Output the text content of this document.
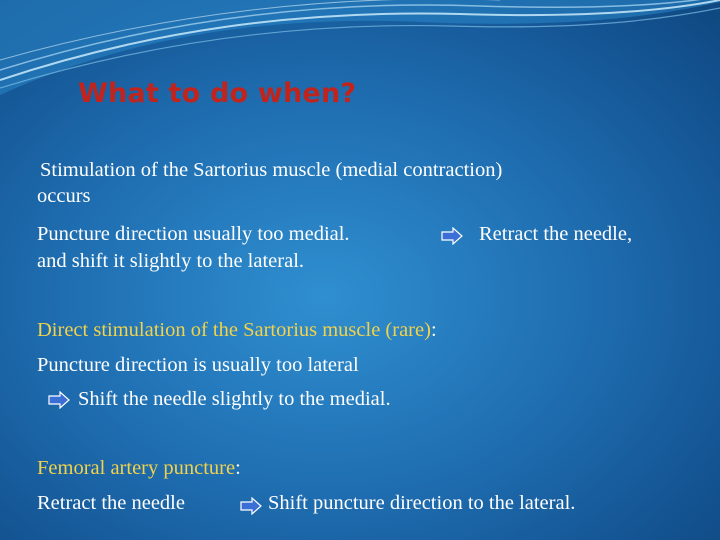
What to do when?
Stimulation of the Sartorius muscle (medial contraction)
occurs
Puncture direction usually too medial.	Retract the needle,
and shift it slightly to the lateral.
Direct stimulation of the Sartorius muscle (rare):
Puncture direction is usually too lateral
Shift the needle slightly to the medial.
Femoral artery puncture:
Retract the needle	Shift puncture direction to the lateral.
